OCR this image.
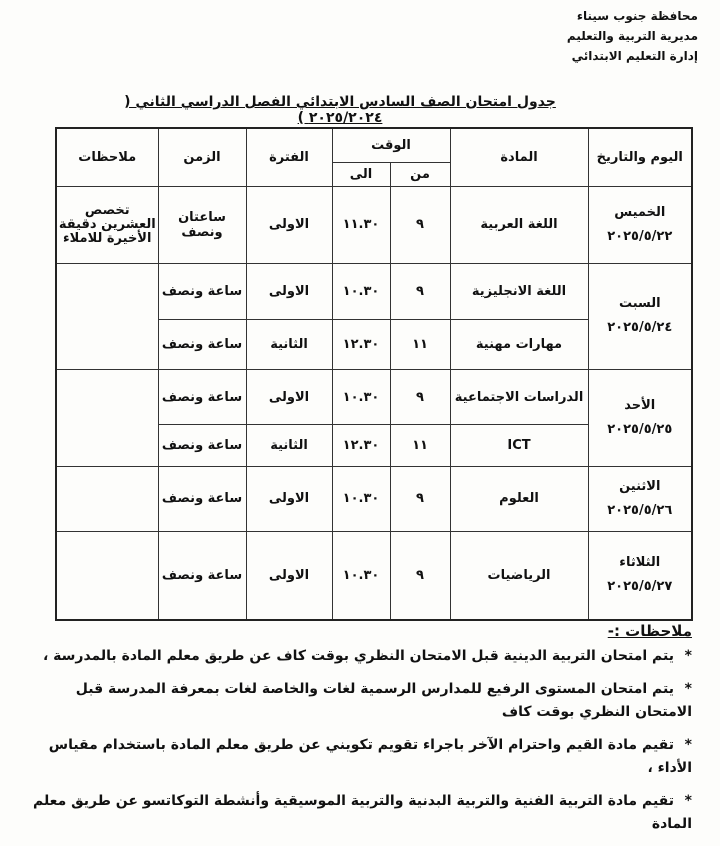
محافظة جنوب سيناء
مديرية التربية والتعليم
إدارة التعليم الابتدائي
جدول امتحان الصف السادس الابتدائي الفصل الدراسي الثاني ( ٢٠٢٥/٢٠٢٤ )
اليوم والتاريخ	المادة	الوقت		الفترة	الزمن	ملاحظات
		من	الى			

الخميس
٢٠٢٥/٥/٢٢	اللغة العربية	٩	١١.٣٠	الاولى	ساعتان ونصف	تخصص العشرين دقيقة الأخيرة للاملاء

السبت
٢٠٢٥/٥/٢٤	اللغة الانجليزية	٩	١٠.٣٠	الاولى	ساعة ونصف	
	مهارات مهنية	١١	١٢.٣٠	الثانية	ساعة ونصف	

الأحد
٢٠٢٥/٥/٢٥	الدراسات الاجتماعية	٩	١٠.٣٠	الاولى	ساعة ونصف	
	ICT	١١	١٢.٣٠	الثانية	ساعة ونصف	

الاثنين
٢٠٢٥/٥/٢٦	العلوم	٩	١٠.٣٠	الاولى	ساعة ونصف	

الثلاثاء
٢٠٢٥/٥/٢٧	الرياضيات	٩	١٠.٣٠	الاولى	ساعة ونصف	
ملاحظات :-

*يتم امتحان التربية الدينية قبل الامتحان النظري بوقت كاف عن طريق معلم المادة بالمدرسة ،

*يتم امتحان المستوى الرفيع للمدارس الرسمية لغات والخاصة لغات بمعرفة المدرسة قبل الامتحان النظري بوقت كاف

*تقيم مادة القيم واحترام الآخر باجراء تقويم تكويني عن طريق معلم المادة باستخدام مقياس الأداء ،

*تقيم مادة التربية الفنية والتربية البدنية والتربية الموسيقية وأنشطة التوكاتسو عن طريق معلم المادة
